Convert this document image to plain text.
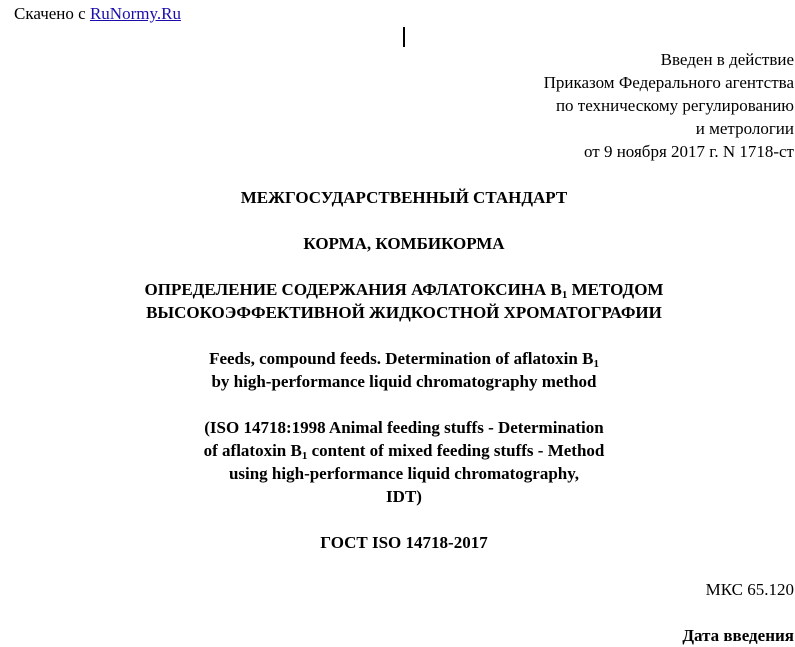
Скачено с RuNormy.Ru
Введен в действие
Приказом Федерального агентства
по техническому регулированию
и метрологии
от 9 ноября 2017 г. N 1718-ст
МЕЖГОСУДАРСТВЕННЫЙ СТАНДАРТ
КОРМА, КОМБИКОРМА
ОПРЕДЕЛЕНИЕ СОДЕРЖАНИЯ АФЛАТОКСИНА $B_1$ МЕТОДОМ
ВЫСОКОЭФФЕКТИВНОЙ ЖИДКОСТНОЙ ХРОМАТОГРАФИИ
Feeds, compound feeds. Determination of aflatoxin $B_1$
by high-performance liquid chromatography method
(ISO 14718:1998 Animal feeding stuffs - Determination
of aflatoxin $B_1$ content of mixed feeding stuffs - Method
using high-performance liquid chromatography,
IDT)
ГОСТ ISO 14718-2017
МКС 65.120
Дата введения
